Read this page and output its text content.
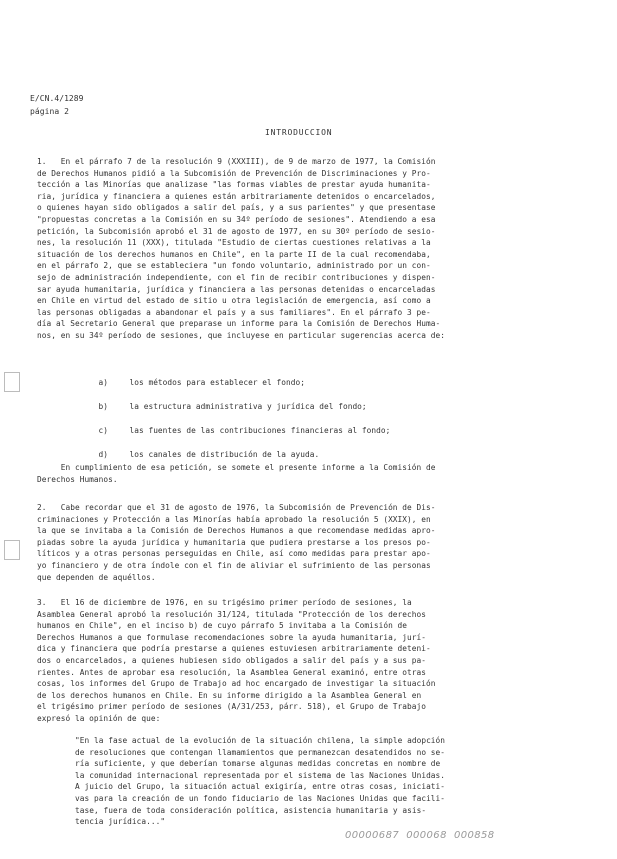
E/CN.4/1289
página 2
INTRODUCCION
1.   En el párrafo 7 de la resolución 9 (XXXIII), de 9 de marzo de 1977, la Comisión
de Derechos Humanos pidió a la Subcomisión de Prevención de Discriminaciones y Pro-
tección a las Minorías que analizase "las formas viables de prestar ayuda humanita-
ria, jurídica y financiera a quienes están arbitrariamente detenidos o encarcelados,
o quienes hayan sido obligados a salir del país, y a sus parientes" y que presentase
"propuestas concretas a la Comisión en su 34º período de sesiones". Atendiendo a esa
petición, la Subcomisión aprobó el 31 de agosto de 1977, en su 30º período de sesio-
nes, la resolución 11 (XXX), titulada "Estudio de ciertas cuestiones relativas a la
situación de los derechos humanos en Chile", en la parte II de la cual recomendaba,
en el párrafo 2, que se estableciera "un fondo voluntario, administrado por un con-
sejo de administración independiente, con el fin de recibir contribuciones y dispen-
sar ayuda humanitaria, jurídica y financiera a las personas detenidas o encarceladas
en Chile en virtud del estado de sitio u otra legislación de emergencia, así como a
las personas obligadas a abandonar el país y a sus familiares". En el párrafo 3 pe-
día al Secretario General que preparase un informe para la Comisión de Derechos Huma-
nos, en su 34º período de sesiones, que incluyese en particular sugerencias acerca de:

a)	los métodos para establecer el fondo;

b)	la estructura administrativa y jurídica del fondo;

c)	las fuentes de las contribuciones financieras al fondo;

d)	los canales de distribución de la ayuda.

En cumplimiento de esa petición, se somete el presente informe a la Comisión de
Derechos Humanos.
2.   Cabe recordar que el 31 de agosto de 1976, la Subcomisión de Prevención de Dis-
criminaciones y Protección a las Minorías había aprobado la resolución 5 (XXIX), en
la que se invitaba a la Comisión de Derechos Humanos a que recomendase medidas apro-
piadas sobre la ayuda jurídica y humanitaria que pudiera prestarse a los presos po-
líticos y a otras personas perseguidas en Chile, así como medidas para prestar apo-
yo financiero y de otra índole con el fin de aliviar el sufrimiento de las personas
que dependen de aquéllos.
3.   El 16 de diciembre de 1976, en su trigésimo primer período de sesiones, la
Asamblea General aprobó la resolución 31/124, titulada "Protección de los derechos
humanos en Chile", en el inciso b) de cuyo párrafo 5 invitaba a la Comisión de
Derechos Humanos a que formulase recomendaciones sobre la ayuda humanitaria, jurí-
dica y financiera que podría prestarse a quienes estuviesen arbitrariamente deteni-
dos o encarcelados, a quienes hubiesen sido obligados a salir del país y a sus pa-
rientes. Antes de aprobar esa resolución, la Asamblea General examinó, entre otras
cosas, los informes del Grupo de Trabajo ad hoc encargado de investigar la situación
de los derechos humanos en Chile. En su informe dirigido a la Asamblea General en
el trigésimo primer período de sesiones (A/31/253, párr. 518), el Grupo de Trabajo
expresó la opinión de que:
"En la fase actual de la evolución de la situación chilena, la simple adopción
de resoluciones que contengan llamamientos que permanezcan desatendidos no se-
ría suficiente, y que deberían tomarse algunas medidas concretas en nombre de
la comunidad internacional representada por el sistema de las Naciones Unidas.
A juicio del Grupo, la situación actual exigiría, entre otras cosas, iniciati-
vas para la creación de un fondo fiduciario de las Naciones Unidas que facili-
tase, fuera de toda consideración política, asistencia humanitaria y asis-
tencia jurídica..."
00000687  000068  000858
